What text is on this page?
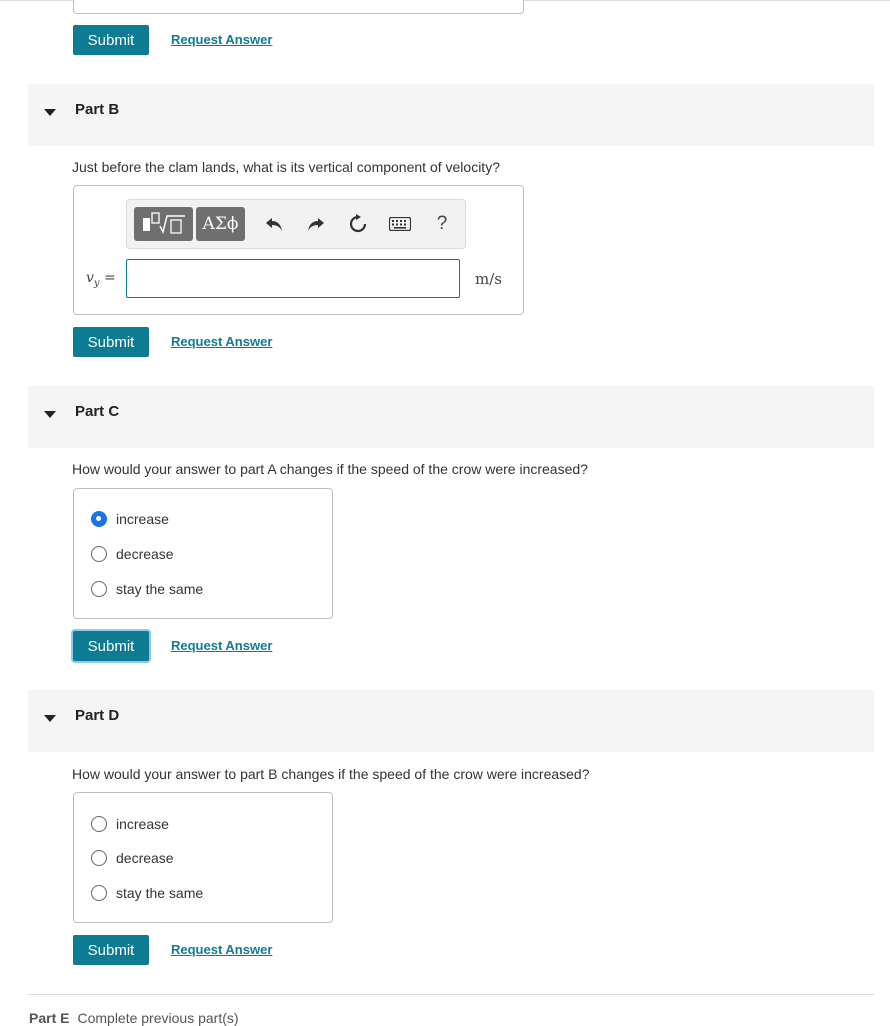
Submit	Request Answer
Part B
Just before the clam lands, what is its vertical component of velocity?
ΑΣϕ	?
$v_y$ =	m/s
Submit	Request Answer
Part C
How would your answer to part A changes if the speed of the crow were increased?
increase
decrease
stay the same
Submit	Request Answer
Part D
How would your answer to part B changes if the speed of the crow were increased?
increase
decrease
stay the same
Submit	Request Answer
Part E Complete previous part(s)
